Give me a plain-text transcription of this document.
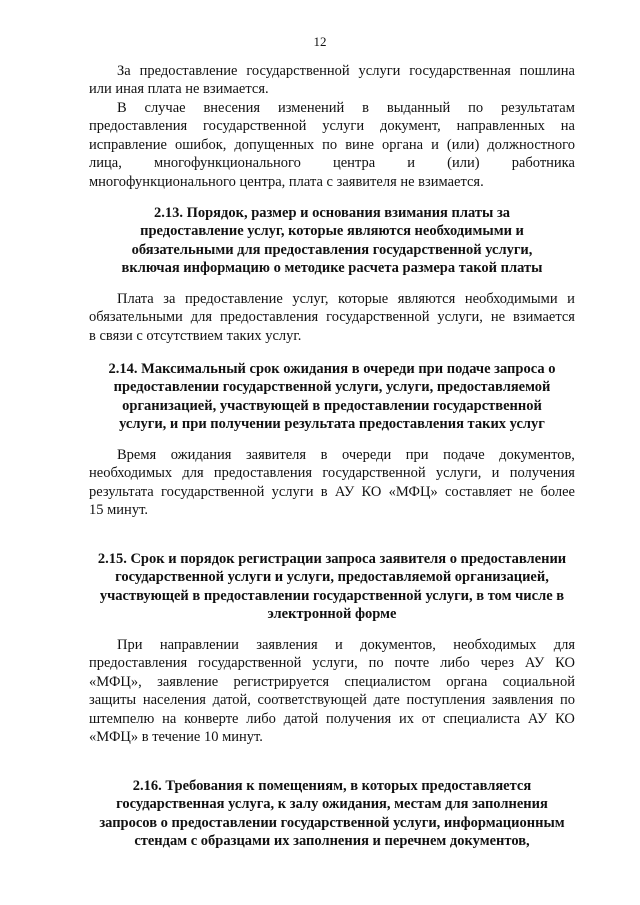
12
За предоставление государственной услуги государственная пошлина
или иная плата не взимается.
В случае внесения изменений в выданный по результатам
предоставления государственной услуги документ, направленных на
исправление ошибок, допущенных по вине органа и (или) должностного
лица, многофункционального центра и (или) работника
многофункционального центра, плата с заявителя не взимается.
2.13. Порядок, размер и основания взимания платы за
предоставление услуг, которые являются необходимыми и
обязательными для предоставления государственной услуги,
включая информацию о методике расчета размера такой платы
Плата за предоставление услуг, которые являются необходимыми и
обязательными для предоставления государственной услуги, не взимается
в связи с отсутствием таких услуг.
2.14. Максимальный срок ожидания в очереди при подаче запроса о
предоставлении государственной услуги, услуги, предоставляемой
организацией, участвующей в предоставлении государственной
услуги, и при получении результата предоставления таких услуг
Время ожидания заявителя в очереди при подаче документов,
необходимых для предоставления государственной услуги, и получения
результата государственной услуги в АУ КО «МФЦ» составляет не более
15 минут.
2.15. Срок и порядок регистрации запроса заявителя о предоставлении
государственной услуги и услуги, предоставляемой организацией,
участвующей в предоставлении государственной услуги, в том числе в
электронной форме
При направлении заявления и документов, необходимых для
предоставления государственной услуги, по почте либо через АУ КО
«МФЦ», заявление регистрируется специалистом органа социальной
защиты населения датой, соответствующей дате поступления заявления по
штемпелю на конверте либо датой получения их от специалиста АУ КО
«МФЦ» в течение 10 минут.
2.16. Требования к помещениям, в которых предоставляется
государственная услуга, к залу ожидания, местам для заполнения
запросов о предоставлении государственной услуги, информационным
стендам с образцами их заполнения и перечнем документов,
